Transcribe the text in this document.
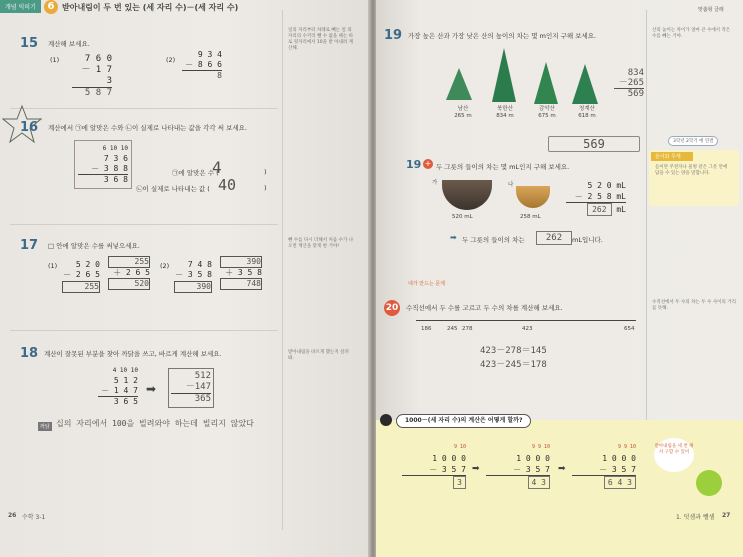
개념 익히기	6 받아내림이 두 번 있는 (세 자리 수)－(세 자리 수)
15 계산해 보세요.
(1)	7 6 0
－ 1 7 3
5 8 7
(2)
9 3 4
－ 8 6 6
8
16 계산에서 ㉠에 알맞은 수와 ㉡이 실제로 나타내는 값을 각각 써 보세요.
6 10 10
7 3 6
－ 3 8 8
3 6 8
㉠에 알맞은 수 (
4	)
㉡이 실제로 나타내는 값 ( 40	)
17 □ 안에 알맞은 수를 써넣으세요.
(1)	5 2 0
－ 2 6 5
255
255
＋ 2 6 5
520
(2)	7 4 8
－ 3 5 8
390
390
＋ 3 5 8
748
18 계산이 잘못된 부분을 찾아 까닭을 쓰고, 바르게 계산해 보세요.
4 10 10
5 1 2
－ 1 4 7
3 6 5
➡
512
－147
365
까닭 십의 자리에서 100을 빌려와야 하는데 빌리지 않았다
일의 자리부터 차례로 빼는 일 의 자리의 수끼리 뺄 수 없을 때는 바로 윗자리에서 10을 받 아내려 계산해.
뺀 수를 다시 더해서 처음 수가 나오면 계산을 맞게 한 거야!
받아내림을 바르게 했는지 살펴 봐.
26 수학 3-1
맞춤형 클래
19 가장 높은 산과 가장 낮은 산의 높이의 차는 몇 m인지 구해 보세요.
남산
265 m
북한산
834 m
감악산
675 m
청계산
618 m
834
－265
569
569
19 + 두 그릇의 들이의 차는 몇 mL인지 구해 보세요.
가
520 mL
나
258 mL
5 2 0 mL
－ 2 5 8 mL
262 mL
➡ 두 그릇의 들이의 차는	262	mL입니다.
내가 만드는 문제
20 수직선에서 두 수를 고르고 두 수의 차를 계산해 보세요.
186	245 278	423	654
423－278＝145
423－245＝178
산의 높이는 차이가 얼마 큰 수에서 작은 수를 빼는 거야.
3학년 2학기 에 연결
들이와 무게
들이란 주전자나 물병 같은 그릇 안에 담을 수 있는 양을 말합니다.
수직선에서 두 수의 차는 두 수 사이의 거리를 뜻해.
1000－(세 자리 수)의 계산은 어떻게 할까?
9 10
1 0 0 0
－ 3 5 7
3
➡
9 9 10
1 0 0 0
－ 3 5 7
4 3
➡
9 9 10
1 0 0 0
－ 3 5 7
6 4 3
받아내림을 세 번 해서 구할 수 있어
1. 덧셈과 뺄셈 27
